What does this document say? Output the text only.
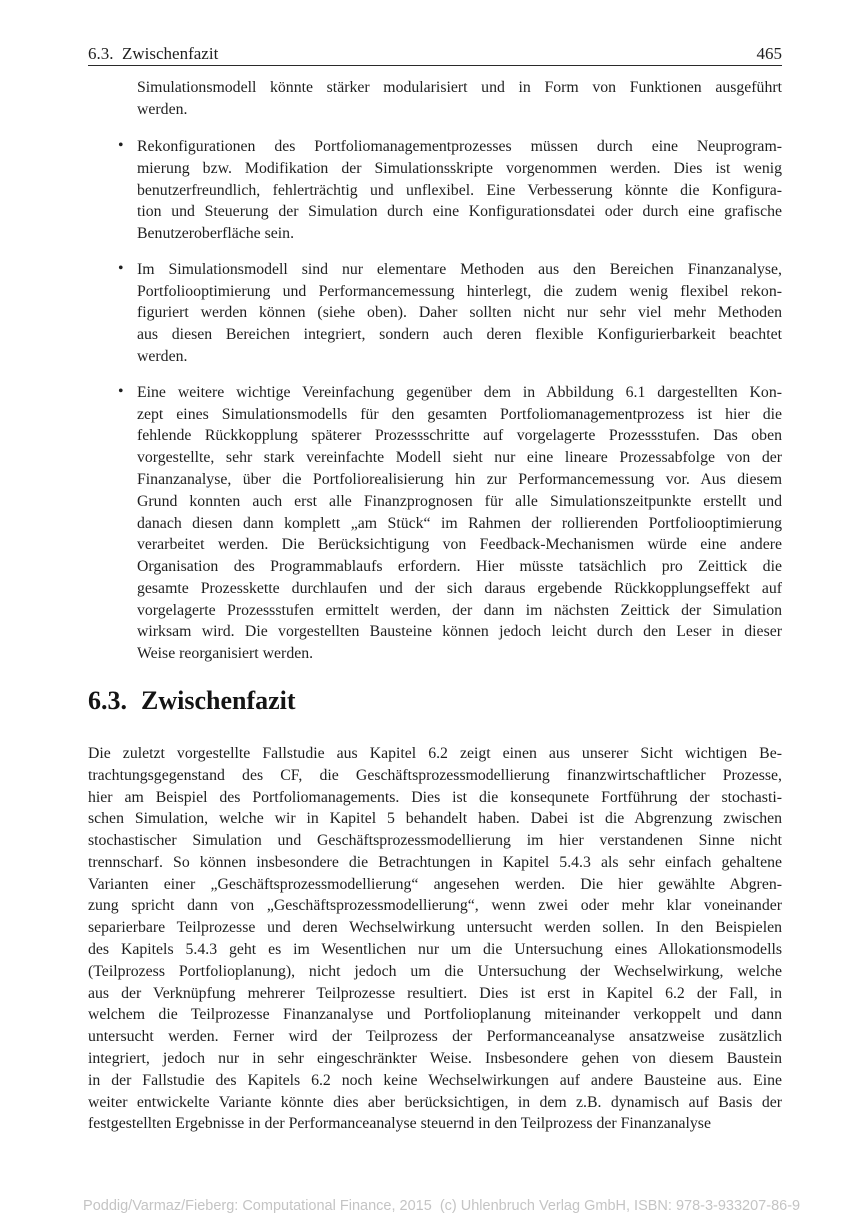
6.3.  Zwischenfazit	465
Simulationsmodell könnte stärker modularisiert und in Form von Funktionen ausgeführt
werden.
• Rekonfigurationen des Portfoliomanagementprozesses müssen durch eine Neuprogram-
mierung bzw. Modifikation der Simulationsskripte vorgenommen werden. Dies ist wenig
benutzerfreundlich, fehlerträchtig und unflexibel. Eine Verbesserung könnte die Konfigura-
tion und Steuerung der Simulation durch eine Konfigurationsdatei oder durch eine grafische
Benutzeroberfläche sein.
• Im Simulationsmodell sind nur elementare Methoden aus den Bereichen Finanzanalyse,
Portfoliooptimierung und Performancemessung hinterlegt, die zudem wenig flexibel rekon-
figuriert werden können (siehe oben). Daher sollten nicht nur sehr viel mehr Methoden
aus diesen Bereichen integriert, sondern auch deren flexible Konfigurierbarkeit beachtet
werden.
• Eine weitere wichtige Vereinfachung gegenüber dem in Abbildung 6.1 dargestellten Kon-
zept eines Simulationsmodells für den gesamten Portfoliomanagementprozess ist hier die
fehlende Rückkopplung späterer Prozessschritte auf vorgelagerte Prozessstufen. Das oben
vorgestellte, sehr stark vereinfachte Modell sieht nur eine lineare Prozessabfolge von der
Finanzanalyse, über die Portfoliorealisierung hin zur Performancemessung vor. Aus diesem
Grund konnten auch erst alle Finanzprognosen für alle Simulationszeitpunkte erstellt und
danach diesen dann komplett „am Stück“ im Rahmen der rollierenden Portfoliooptimierung
verarbeitet werden. Die Berücksichtigung von Feedback-Mechanismen würde eine andere
Organisation des Programmablaufs erfordern. Hier müsste tatsächlich pro Zeittick die
gesamte Prozesskette durchlaufen und der sich daraus ergebende Rückkopplungseffekt auf
vorgelagerte Prozessstufen ermittelt werden, der dann im nächsten Zeittick der Simulation
wirksam wird. Die vorgestellten Bausteine können jedoch leicht durch den Leser in dieser
Weise reorganisiert werden.
6.3. Zwischenfazit
Die zuletzt vorgestellte Fallstudie aus Kapitel 6.2 zeigt einen aus unserer Sicht wichtigen Be-
trachtungsgegenstand des CF, die Geschäftsprozessmodellierung finanzwirtschaftlicher Prozesse,
hier am Beispiel des Portfoliomanagements. Dies ist die konsequnete Fortführung der stochasti-
schen Simulation, welche wir in Kapitel 5 behandelt haben. Dabei ist die Abgrenzung zwischen
stochastischer Simulation und Geschäftsprozessmodellierung im hier verstandenen Sinne nicht
trennscharf. So können insbesondere die Betrachtungen in Kapitel 5.4.3 als sehr einfach gehaltene
Varianten einer „Geschäftsprozessmodellierung“ angesehen werden. Die hier gewählte Abgren-
zung spricht dann von „Geschäftsprozessmodellierung“, wenn zwei oder mehr klar voneinander
separierbare Teilprozesse und deren Wechselwirkung untersucht werden sollen. In den Beispielen
des Kapitels 5.4.3 geht es im Wesentlichen nur um die Untersuchung eines Allokationsmodells
(Teilprozess Portfolioplanung), nicht jedoch um die Untersuchung der Wechselwirkung, welche
aus der Verknüpfung mehrerer Teilprozesse resultiert. Dies ist erst in Kapitel 6.2 der Fall, in
welchem die Teilprozesse Finanzanalyse und Portfolioplanung miteinander verkoppelt und dann
untersucht werden. Ferner wird der Teilprozess der Performanceanalyse ansatzweise zusätzlich
integriert, jedoch nur in sehr eingeschränkter Weise. Insbesondere gehen von diesem Baustein
in der Fallstudie des Kapitels 6.2 noch keine Wechselwirkungen auf andere Bausteine aus. Eine
weiter entwickelte Variante könnte dies aber berücksichtigen, in dem z.B. dynamisch auf Basis der
festgestellten Ergebnisse in der Performanceanalyse steuernd in den Teilprozess der Finanzanalyse

Poddig/Varmaz/Fieberg: Computational Finance, 2015  (c) Uhlenbruch Verlag GmbH, ISBN: 978-3-933207-86-9
